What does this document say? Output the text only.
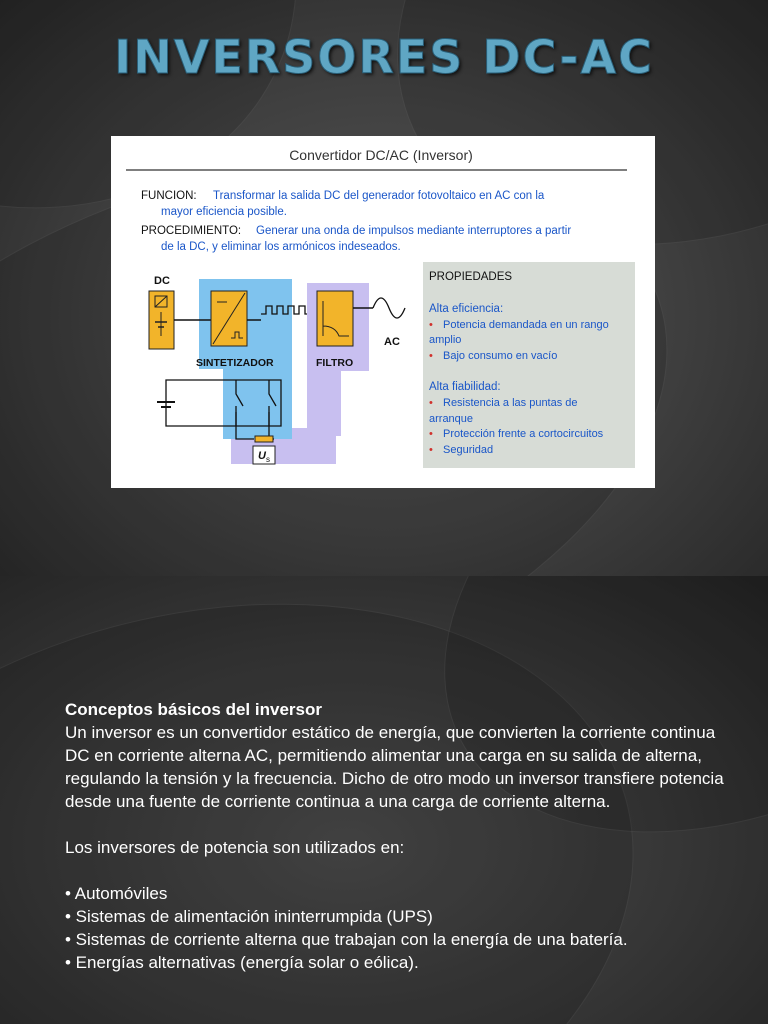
INVERSORES DC-AC
Convertidor DC/AC (Inversor)
FUNCION: Transformar la salida DC del generador fotovoltaico en AC con la
mayor eficiencia posible.
PROCEDIMIENTO: Generar una onda de impulsos mediante interruptores a partir
de la DC, y eliminar los armónicos indeseados.
DC
SINTETIZADOR	FILTRO
AC
U s
PROPIEDADES
Alta eficiencia:
• Potencia demandada en un rango
amplio
• Bajo consumo en vacío
Alta fiabilidad:
• Resistencia a las puntas de
arranque
• Protección frente a cortocircuitos
• Seguridad

Conceptos básicos del inversor

Un inversor es un convertidor estático de energía, que convierten la corriente continua DC en corriente alterna AC, permitiendo alimentar una carga en su salida de alterna, regulando la tensión y la frecuencia. Dicho de otro modo un inversor transfiere potencia desde una fuente de corriente continua a una carga de corriente alterna.

Los inversores de potencia son utilizados en:

• Automóviles
• Sistemas de alimentación ininterrumpida (UPS)
• Sistemas de corriente alterna que trabajan con la energía de una batería.
• Energías alternativas (energía solar o eólica).
